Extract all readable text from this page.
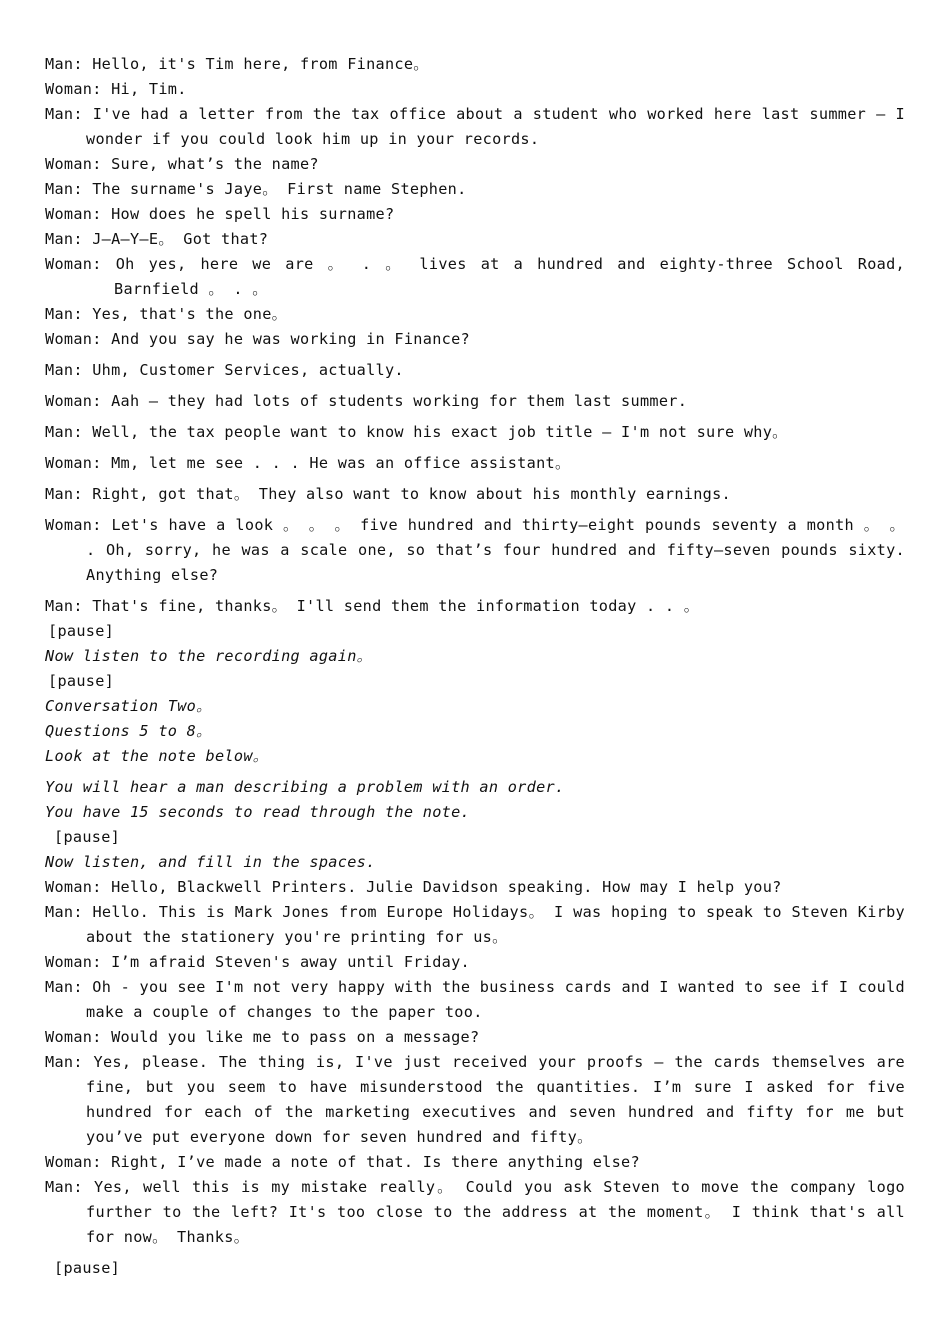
Man: Hello, it's Tim here, from Finance。
Woman: Hi, Tim.
Man: I've had a letter from the tax office about a student who worked here last summer – I wonder if you could look him up in your records.
Woman: Sure, what’s the name?
Man: The surname's Jaye。 First name Stephen.
Woman: How does he spell his surname?
Man: J—A—Y—E。 Got that?
Woman: Oh yes, here we are 。 . 。 lives at a hundred and eighty-three School Road, Barnfield 。 . 。
Man: Yes, that's the one。
Woman: And you say he was working in Finance?
Man: Uhm, Customer Services, actually.
Woman: Aah — they had lots of students working for them last summer.
Man: Well, the tax people want to know his exact job title — I'm not sure why。
Woman: Mm, let me see . . . He was an office assistant。
Man: Right, got that。 They also want to know about his monthly earnings.
Woman: Let's have a look 。 。 。 five hundred and thirty—eight pounds seventy a month 。 。 . Oh, sorry, he was a scale one, so that’s four hundred and fifty—seven pounds sixty. Anything else?
Man: That's fine, thanks。 I'll send them the information today . . 。
[pause]
Now listen to the recording again。
[pause]
Conversation Two。
Questions 5 to 8。
Look at the note below。
You will hear a man describing a problem with an order.
You have 15 seconds to read through the note.
[pause]
Now listen, and fill in the spaces.
Woman: Hello, Blackwell Printers. Julie Davidson speaking. How may I help you?
Man: Hello. This is Mark Jones from Europe Holidays。 I was hoping to speak to Steven Kirby about the stationery you're printing for us。
Woman: I’m afraid Steven's away until Friday.
Man: Oh - you see I'm not very happy with the business cards and I wanted to see if I could make a couple of changes to the paper too.
Woman: Would you like me to pass on a message?
Man: Yes, please. The thing is, I've just received your proofs — the cards themselves are fine, but you seem to have misunderstood the quantities. I’m sure I asked for five hundred for each of the marketing executives and seven hundred and fifty for me but you’ve put everyone down for seven hundred and fifty。
Woman: Right, I’ve made a note of that. Is there anything else?
Man: Yes, well this is my mistake really。 Could you ask Steven to move the company logo further to the left? It's too close to the address at the moment。 I think that's all for now。 Thanks。
[pause]
